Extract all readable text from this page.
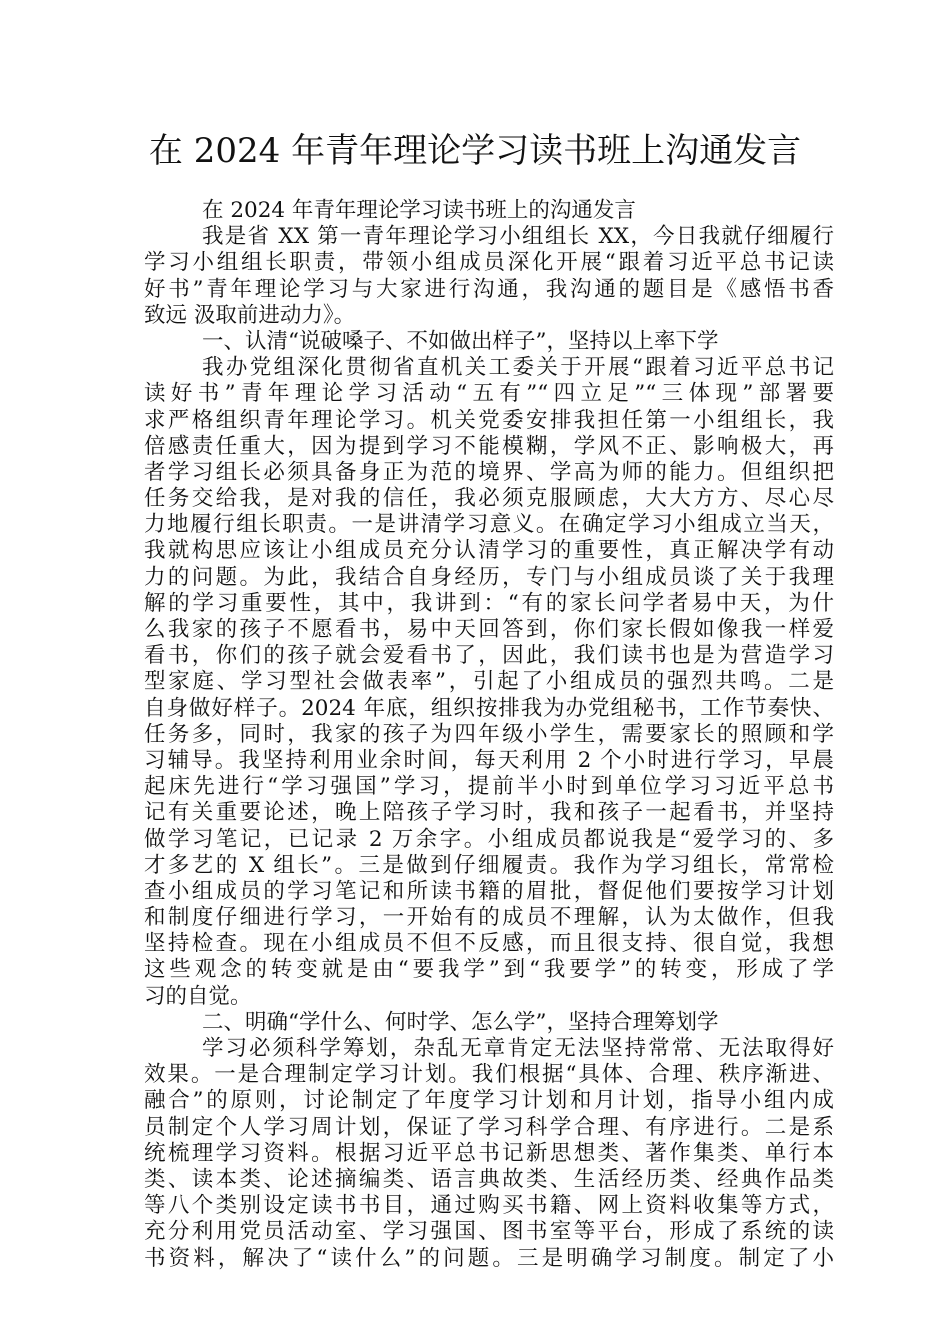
在 2024 年青年理论学习读书班上沟通发言
在 2024 年青年理论学习读书班上的沟通发言
我是省 XX 第一青年理论学习小组组长 XX，今日我就仔细履行
学习小组组长职责，带领小组成员深化开展“跟着习近平总书记读
好书”青年理论学习与大家进行沟通，我沟通的题目是《感悟书香
致远 汲取前进动力》。
一、认清“说破嗓子、不如做出样子”，坚持以上率下学
我办党组深化贯彻省直机关工委关于开展“跟着习近平总书记
读好书”青年理论学习活动“五有”“四立足”“三体现”部署要
求严格组织青年理论学习。机关党委安排我担任第一小组组长，我
倍感责任重大，因为提到学习不能模糊，学风不正、影响极大，再
者学习组长必须具备身正为范的境界、学高为师的能力。但组织把
任务交给我，是对我的信任，我必须克服顾虑，大大方方、尽心尽
力地履行组长职责。一是讲清学习意义。在确定学习小组成立当天，
我就构思应该让小组成员充分认清学习的重要性，真正解决学有动
力的问题。为此，我结合自身经历，专门与小组成员谈了关于我理
解的学习重要性，其中，我讲到：“有的家长问学者易中天，为什
么我家的孩子不愿看书，易中天回答到，你们家长假如像我一样爱
看书，你们的孩子就会爱看书了，因此，我们读书也是为营造学习
型家庭、学习型社会做表率”，引起了小组成员的强烈共鸣。二是
自身做好样子。2024 年底，组织按排我为办党组秘书，工作节奏快、
任务多，同时，我家的孩子为四年级小学生，需要家长的照顾和学
习辅导。我坚持利用业余时间，每天利用 2 个小时进行学习，早晨
起床先进行“学习强国”学习，提前半小时到单位学习习近平总书
记有关重要论述，晚上陪孩子学习时，我和孩子一起看书，并坚持
做学习笔记，已记录 2 万余字。小组成员都说我是“爱学习的、多
才多艺的 X 组长”。三是做到仔细履责。我作为学习组长，常常检
查小组成员的学习笔记和所读书籍的眉批，督促他们要按学习计划
和制度仔细进行学习，一开始有的成员不理解，认为太做作，但我
坚持检查。现在小组成员不但不反感，而且很支持、很自觉，我想
这些观念的转变就是由“要我学”到“我要学”的转变，形成了学
习的自觉。
二、明确“学什么、何时学、怎么学”，坚持合理筹划学
学习必须科学筹划，杂乱无章肯定无法坚持常常、无法取得好
效果。一是合理制定学习计划。我们根据“具体、合理、秩序渐进、
融合”的原则，讨论制定了年度学习计划和月计划，指导小组内成
员制定个人学习周计划，保证了学习科学合理、有序进行。二是系
统梳理学习资料。根据习近平总书记新思想类、著作集类、单行本
类、读本类、论述摘编类、语言典故类、生活经历类、经典作品类
等八个类别设定读书书目，通过购买书籍、网上资料收集等方式，
充分利用党员活动室、学习强国、图书室等平台，形成了系统的读
书资料，解决了“读什么”的问题。三是明确学习制度。制定了小
